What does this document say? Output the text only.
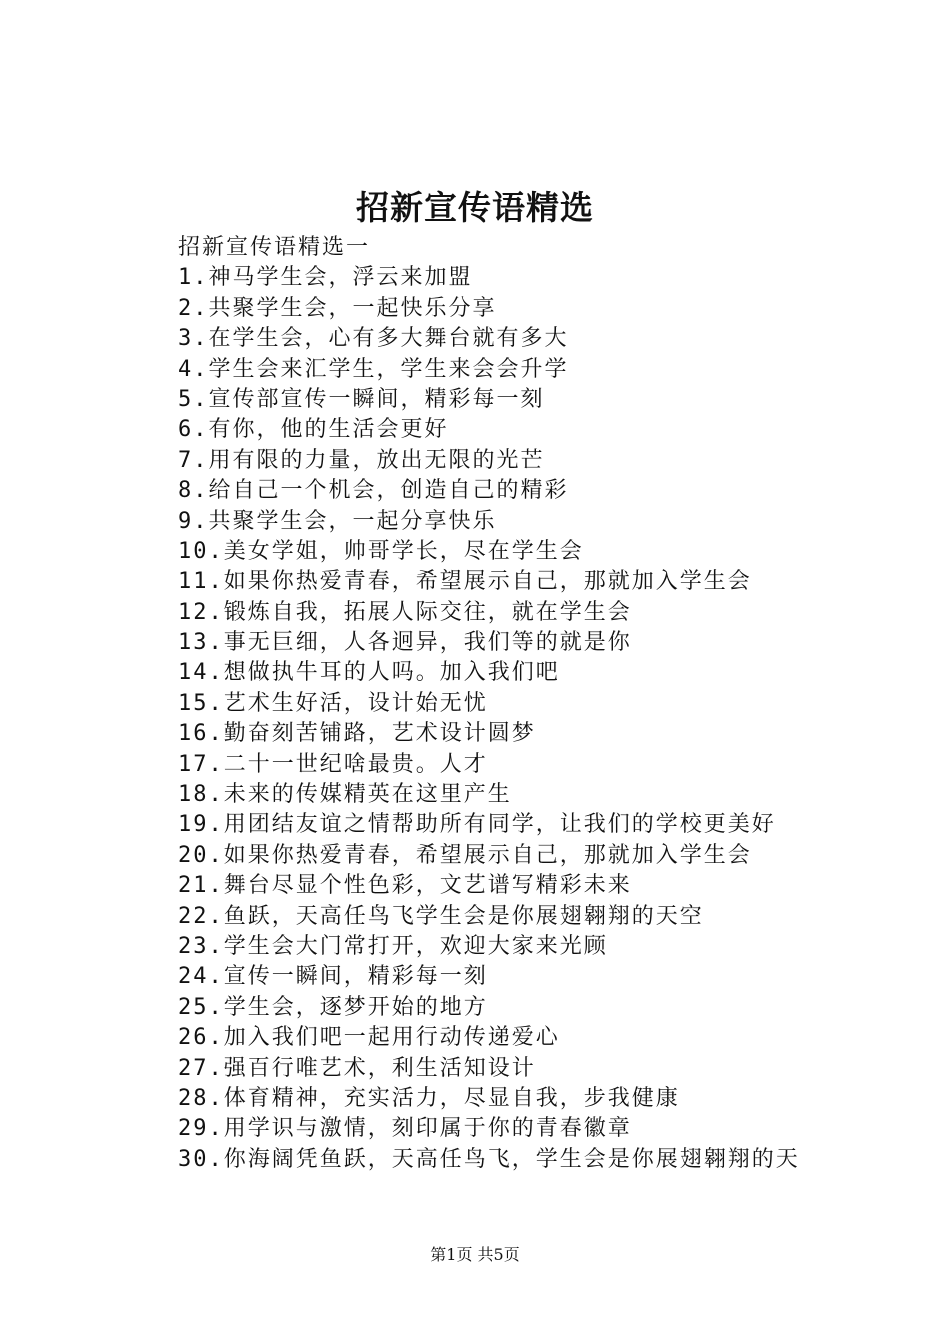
招新宣传语精选
招新宣传语精选一
1.神马学生会，浮云来加盟
2.共聚学生会，一起快乐分享
3.在学生会，心有多大舞台就有多大
4.学生会来汇学生，学生来会会升学
5.宣传部宣传一瞬间，精彩每一刻
6.有你，他的生活会更好
7.用有限的力量，放出无限的光芒
8.给自己一个机会，创造自己的精彩
9.共聚学生会，一起分享快乐
10.美女学姐，帅哥学长，尽在学生会
11.如果你热爱青春，希望展示自己，那就加入学生会
12.锻炼自我，拓展人际交往，就在学生会
13.事无巨细，人各迥异，我们等的就是你
14.想做执牛耳的人吗。加入我们吧
15.艺术生好活，设计始无忧
16.勤奋刻苦铺路，艺术设计圆梦
17.二十一世纪啥最贵。人才
18.未来的传媒精英在这里产生
19.用团结友谊之情帮助所有同学，让我们的学校更美好
20.如果你热爱青春，希望展示自己，那就加入学生会
21.舞台尽显个性色彩，文艺谱写精彩未来
22.鱼跃，天高任鸟飞学生会是你展翅翱翔的天空
23.学生会大门常打开，欢迎大家来光顾
24.宣传一瞬间，精彩每一刻
25.学生会，逐梦开始的地方
26.加入我们吧一起用行动传递爱心
27.强百行唯艺术，利生活知设计
28.体育精神，充实活力，尽显自我，步我健康
29.用学识与激情，刻印属于你的青春徽章
30.你海阔凭鱼跃，天高任鸟飞，学生会是你展翅翱翔的天
第1页 共5页
